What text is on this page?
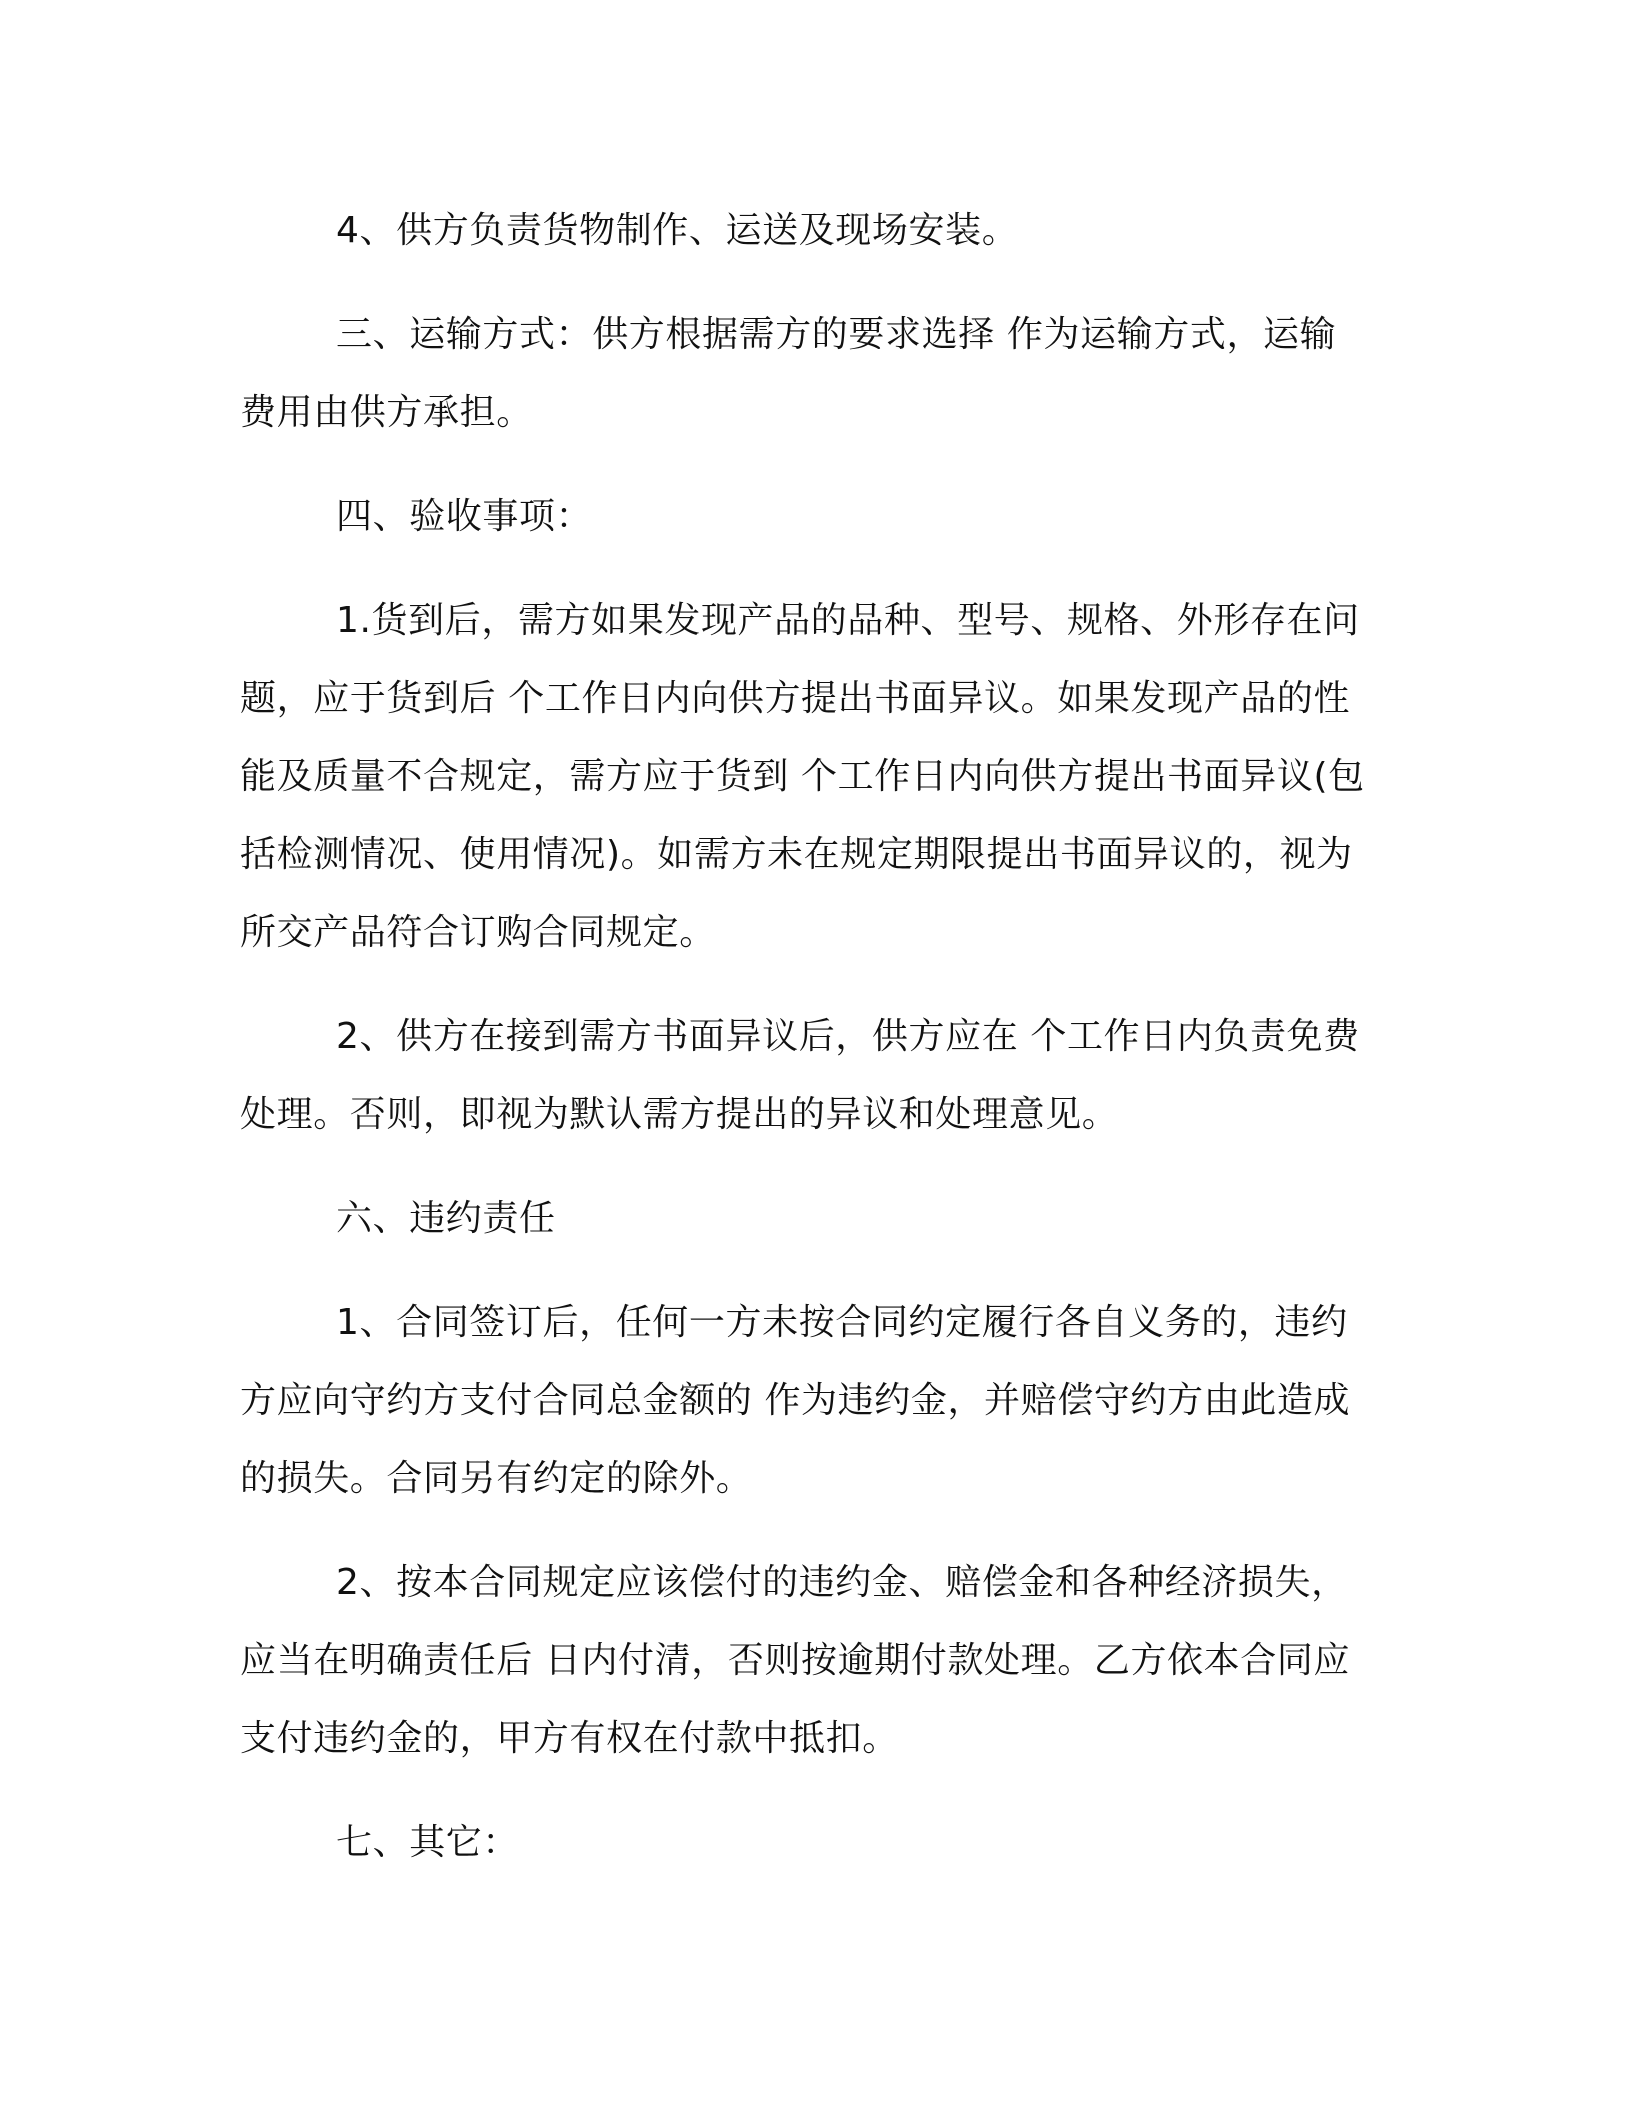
4、供方负责货物制作、运送及现场安装。

三、运输方式：供方根据需方的要求选择 作为运输方式，运输费用由供方承担。

四、验收事项：

1.货到后，需方如果发现产品的品种、型号、规格、外形存在问题，应于货到后 个工作日内向供方提出书面异议。如果发现产品的性能及质量不合规定，需方应于货到 个工作日内向供方提出书面异议(包括检测情况、使用情况)。如需方未在规定期限提出书面异议的，视为所交产品符合订购合同规定。

2、供方在接到需方书面异议后，供方应在 个工作日内负责免费处理。否则，即视为默认需方提出的异议和处理意见。

六、违约责任

1、合同签订后，任何一方未按合同约定履行各自义务的，违约方应向守约方支付合同总金额的 作为违约金，并赔偿守约方由此造成的损失。合同另有约定的除外。

2、按本合同规定应该偿付的违约金、赔偿金和各种经济损失，应当在明确责任后 日内付清，否则按逾期付款处理。乙方依本合同应支付违约金的，甲方有权在付款中抵扣。

七、其它：
